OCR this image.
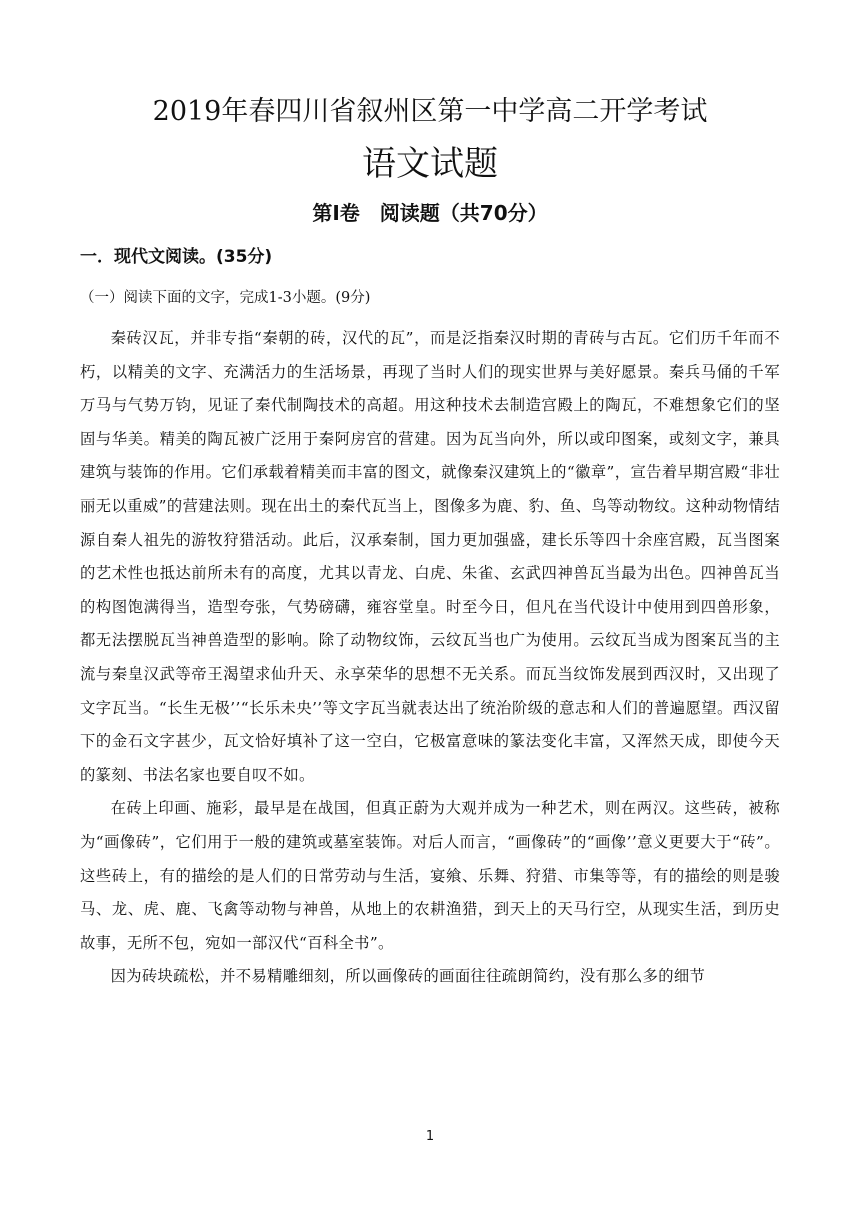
2019年春四川省叙州区第一中学高二开学考试
语文试题
第I卷　阅读题（共70分）
一．现代文阅读。(35分)
（一）阅读下面的文字，完成1-3小题。(9分)

秦砖汉瓦，并非专指“秦朝的砖，汉代的瓦”，而是泛指秦汉时期的青砖与古瓦。它们历千年而不朽，以精美的文字、充满活力的生活场景，再现了当时人们的现实世界与美好愿景。秦兵马俑的千军万马与气势万钧，见证了秦代制陶技术的高超。用这种技术去制造宫殿上的陶瓦，不难想象它们的坚固与华美。精美的陶瓦被广泛用于秦阿房宫的营建。因为瓦当向外，所以或印图案，或刻文字，兼具建筑与装饰的作用。它们承载着精美而丰富的图文，就像秦汉建筑上的“徽章”，宣告着早期宫殿“非壮丽无以重威”的营建法则。现在出土的秦代瓦当上，图像多为鹿、豹、鱼、鸟等动物纹。这种动物情结源自秦人祖先的游牧狩猎活动。此后，汉承秦制，国力更加强盛，建长乐等四十余座宫殿，瓦当图案的艺术性也抵达前所未有的高度，尤其以青龙、白虎、朱雀、玄武四神兽瓦当最为出色。四神兽瓦当的构图饱满得当，造型夸张，气势磅礴，雍容堂皇。时至今日，但凡在当代设计中使用到四兽形象，都无法摆脱瓦当神兽造型的影响。除了动物纹饰，云纹瓦当也广为使用。云纹瓦当成为图案瓦当的主流与秦皇汉武等帝王渴望求仙升天、永享荣华的思想不无关系。而瓦当纹饰发展到西汉时，又出现了文字瓦当。“长生无极’’“长乐未央’’等文字瓦当就表达出了统治阶级的意志和人们的普遍愿望。西汉留下的金石文字甚少，瓦文恰好填补了这一空白，它极富意味的篆法变化丰富，又浑然天成，即使今天的篆刻、书法名家也要自叹不如。

在砖上印画、施彩，最早是在战国，但真正蔚为大观并成为一种艺术，则在两汉。这些砖，被称为“画像砖”，它们用于一般的建筑或墓室装饰。对后人而言，“画像砖”的“画像’’意义更要大于“砖”。这些砖上，有的描绘的是人们的日常劳动与生活，宴飨、乐舞、狩猎、市集等等，有的描绘的则是骏马、龙、虎、鹿、飞禽等动物与神兽，从地上的农耕渔猎，到天上的天马行空，从现实生活，到历史故事，无所不包，宛如一部汉代“百科全书”。

因为砖块疏松，并不易精雕细刻，所以画像砖的画面往往疏朗简约，没有那么多的细节

1
